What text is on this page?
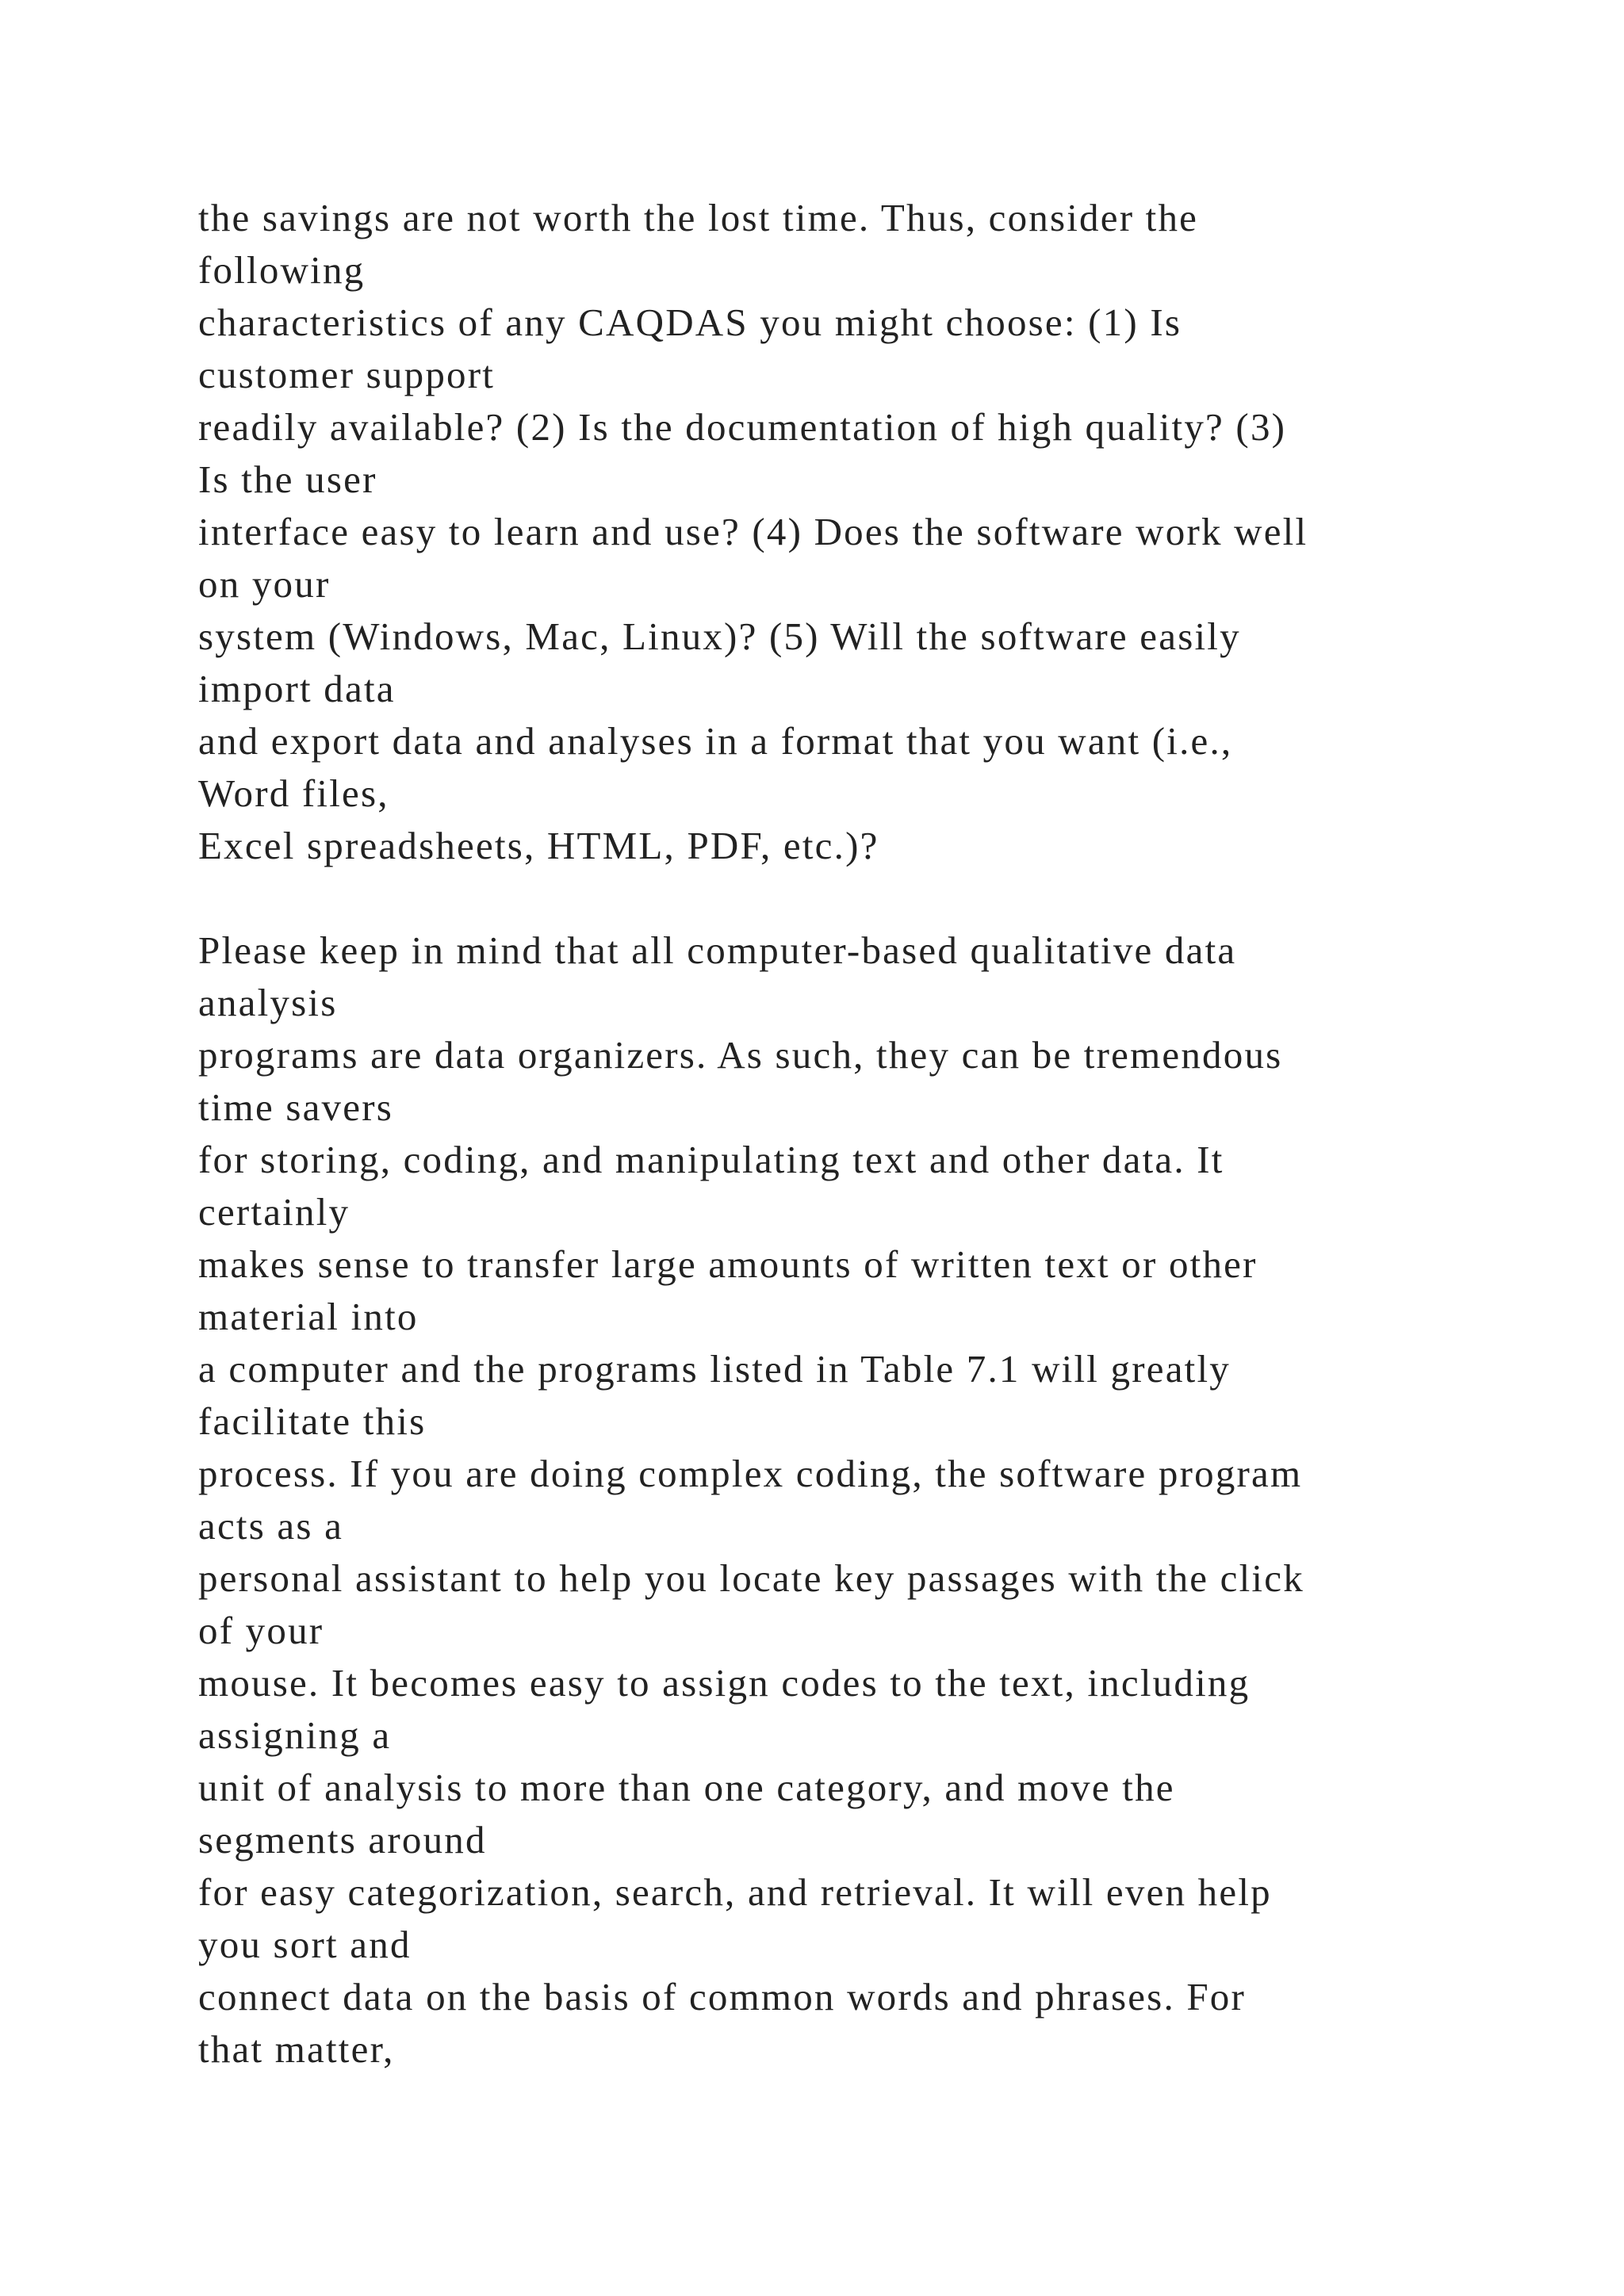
the savings are not worth the lost time. Thus, consider the
following
characteristics of any CAQDAS you might choose: (1) Is
customer support
readily available? (2) Is the documentation of high quality? (3)
Is the user
interface easy to learn and use? (4) Does the software work well
on your
system (Windows, Mac, Linux)? (5) Will the software easily
import data
and export data and analyses in a format that you want (i.e.,
Word files,
Excel spreadsheets, HTML, PDF, etc.)?
Please keep in mind that all computer-based qualitative data
analysis
programs are data organizers. As such, they can be tremendous
time savers
for storing, coding, and manipulating text and other data. It
certainly
makes sense to transfer large amounts of written text or other
material into
a computer and the programs listed in Table 7.1 will greatly
facilitate this
process. If you are doing complex coding, the software program
acts as a
personal assistant to help you locate key passages with the click
of your
mouse. It becomes easy to assign codes to the text, including
assigning a
unit of analysis to more than one category, and move the
segments around
for easy categorization, search, and retrieval. It will even help
you sort and
connect data on the basis of common words and phrases. For
that matter,
